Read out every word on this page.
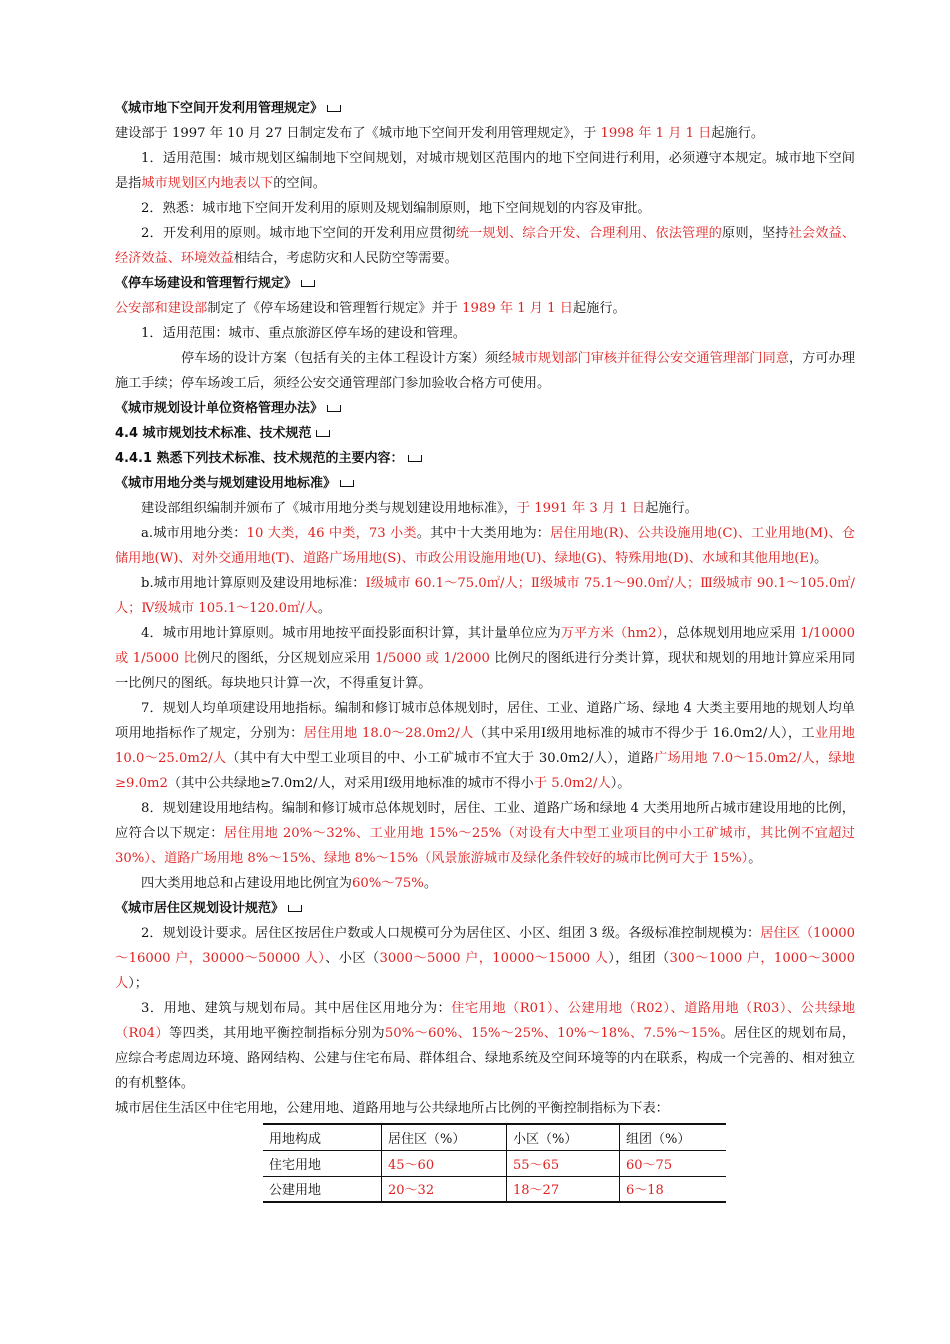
《城市地下空间开发利用管理规定》

建设部于 1997 年 10 月 27 日制定发布了《城市地下空间开发利用管理规定》，于 1998 年 1 月 1 日起施行。

1．适用范围：城市规划区编制地下空间规划，对城市规划区范围内的地下空间进行利用，必须遵守本规定。城市地下空间是指城市规划区内地表以下的空间。

2．熟悉：城市地下空间开发利用的原则及规划编制原则，地下空间规划的内容及审批。

2．开发利用的原则。城市地下空间的开发利用应贯彻统一规划、综合开发、合理利用、依法管理的原则，坚持社会效益、经济效益、环境效益相结合，考虑防灾和人民防空等需要。

《停车场建设和管理暂行规定》

公安部和建设部制定了《停车场建设和管理暂行规定》并于 1989 年 1 月 1 日起施行。

1．适用范围：城市、重点旅游区停车场的建设和管理。

停车场的设计方案（包括有关的主体工程设计方案）须经城市规划部门审核并征得公安交通管理部门同意，方可办理施工手续；停车场竣工后，须经公安交通管理部门参加验收合格方可使用。

《城市规划设计单位资格管理办法》
4.4 城市规划技术标准、技术规范
4.4.1 熟悉下列技术标准、技术规范的主要内容：
《城市用地分类与规划建设用地标准》

建设部组织编制并颁布了《城市用地分类与规划建设用地标准》，于 1991 年 3 月 1 日起施行。

a.城市用地分类：10 大类，46 中类，73 小类。其中十大类用地为：居住用地(R)、公共设施用地(C)、工业用地(M)、仓储用地(W)、对外交通用地(T)、道路广场用地(S)、市政公用设施用地(U)、绿地(G)、特殊用地(D)、水域和其他用地(E)。

b.城市用地计算原则及建设用地标准：Ⅰ级城市 60.1～75.0㎡/人；Ⅱ级城市 75.1～90.0㎡/人；Ⅲ级城市 90.1～105.0㎡/人；Ⅳ级城市 105.1～120.0㎡/人。

4．城市用地计算原则。城市用地按平面投影面积计算，其计量单位应为万平方米（hm2），总体规划用地应采用 1/10000 或 1/5000 比例尺的图纸，分区规划应采用 1/5000 或 1/2000 比例尺的图纸进行分类计算，现状和规划的用地计算应采用同一比例尺的图纸。每块地只计算一次，不得重复计算。

7．规划人均单项建设用地指标。编制和修订城市总体规划时，居住、工业、道路广场、绿地 4 大类主要用地的规划人均单项用地指标作了规定，分别为：居住用地 18.0～28.0m2/人（其中采用Ⅰ级用地标准的城市不得少于 16.0m2/人），工业用地 10.0～25.0m2/人（其中有大中型工业项目的中、小工矿城市不宜大于 30.0m2/人），道路广场用地 7.0～15.0m2/人，绿地≥9.0m2（其中公共绿地≥7.0m2/人，对采用Ⅰ级用地标准的城市不得小于 5.0m2/人）。

8．规划建设用地结构。编制和修订城市总体规划时，居住、工业、道路广场和绿地 4 大类用地所占城市建设用地的比例，应符合以下规定：居住用地 20%～32%、工业用地 15%～25%（对设有大中型工业项目的中小工矿城市，其比例不宜超过 30%）、道路广场用地 8%～15%、绿地 8%～15%（风景旅游城市及绿化条件较好的城市比例可大于 15%）。

四大类用地总和占建设用地比例宜为60%～75%。

《城市居住区规划设计规范》

2．规划设计要求。居住区按居住户数或人口规模可分为居住区、小区、组团 3 级。各级标准控制规模为：居住区（10000～16000 户，30000～50000 人）、小区（3000～5000 户，10000～15000 人），组团（300～1000 户，1000～3000 人）；

3．用地、建筑与规划布局。其中居住区用地分为：住宅用地（R01）、公建用地（R02）、道路用地（R03）、公共绿地（R04）等四类，其用地平衡控制指标分别为50%～60%、15%～25%、10%～18%、7.5%～15%。居住区的规划布局，应综合考虑周边环境、路网结构、公建与住宅布局、群体组合、绿地系统及空间环境等的内在联系，构成一个完善的、相对独立的有机整体。

城市居住生活区中住宅用地，公建用地、道路用地与公共绿地所占比例的平衡控制指标为下表：

用地构成	居住区（%）	小区（%）	组团（%）
住宅用地	45～60	55～65	60～75
公建用地	20～32	18～27	6～18
